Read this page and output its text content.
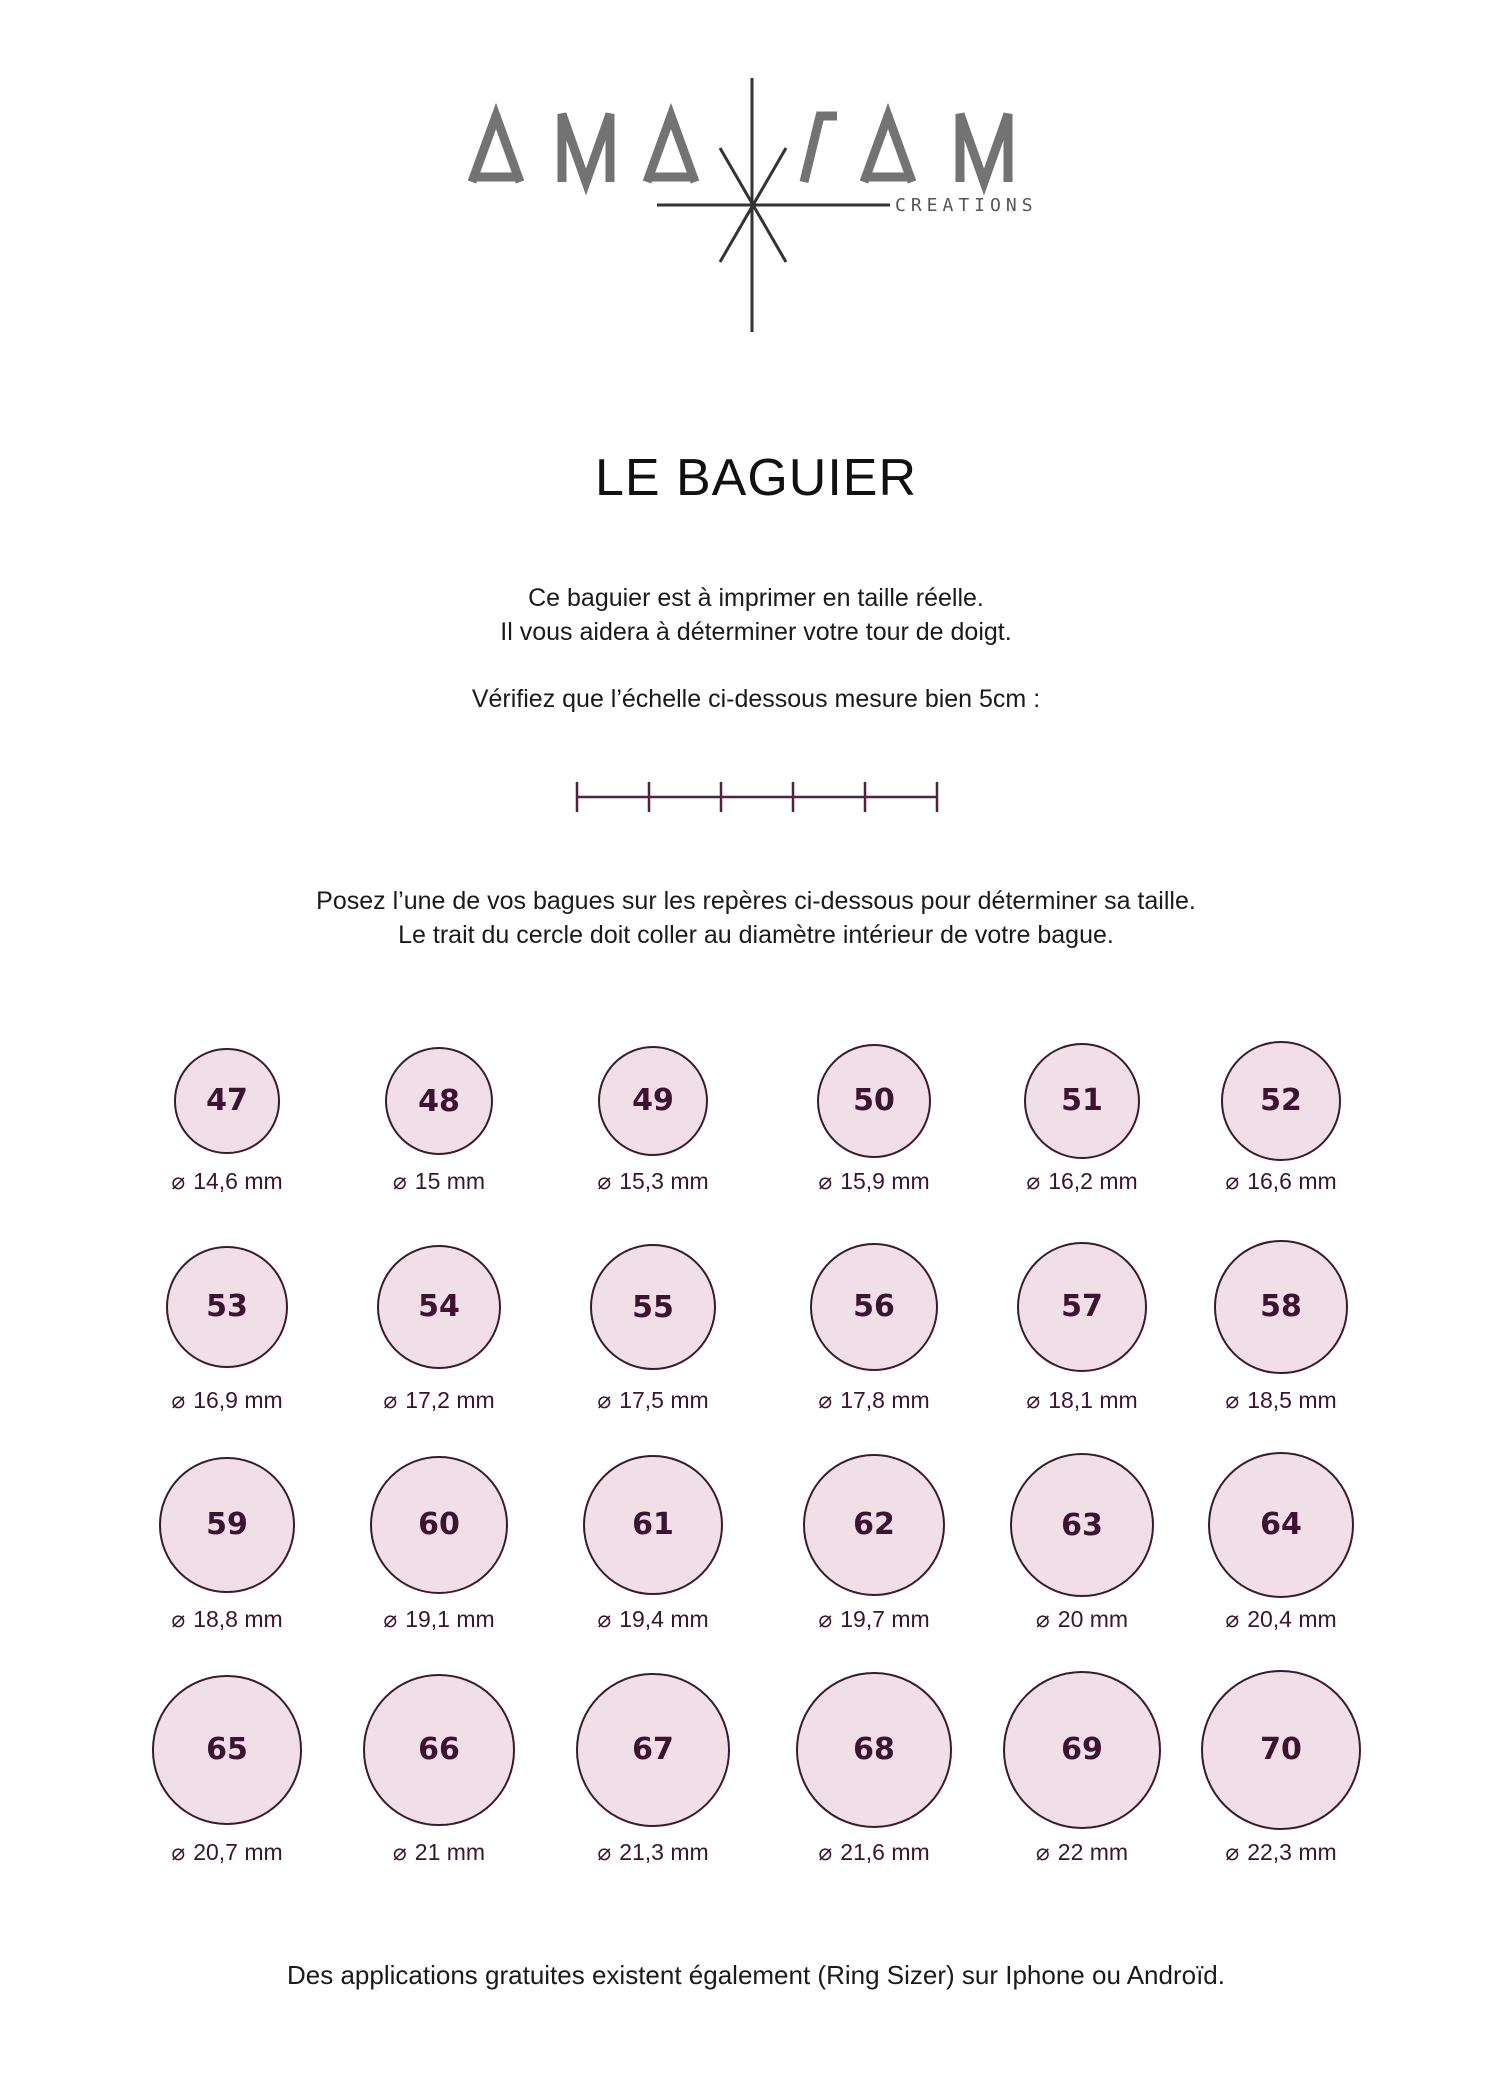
CREATIONS
LE BAGUIER
Ce baguier est à imprimer en taille réelle.
Il vous aidera à déterminer votre tour de doigt.
Vérifiez que l’échelle ci-dessous mesure bien 5cm :
Posez l’une de vos bagues sur les repères ci-dessous pour déterminer sa taille.
Le trait du cercle doit coller au diamètre intérieur de votre bague.
47
⌀ 14,6 mm
48
⌀ 15 mm
49
⌀ 15,3 mm
50
⌀ 15,9 mm
51
⌀ 16,2 mm
52
⌀ 16,6 mm
53
⌀ 16,9 mm
54
⌀ 17,2 mm
55
⌀ 17,5 mm
56
⌀ 17,8 mm
57
⌀ 18,1 mm
58
⌀ 18,5 mm
59
⌀ 18,8 mm
60
⌀ 19,1 mm
61
⌀ 19,4 mm
62
⌀ 19,7 mm
63
⌀ 20 mm
64
⌀ 20,4 mm
65
⌀ 20,7 mm
66
⌀ 21 mm
67
⌀ 21,3 mm
68
⌀ 21,6 mm
69
⌀ 22 mm
70
⌀ 22,3 mm
Des applications gratuites existent également (Ring Sizer) sur Iphone ou Androïd.
